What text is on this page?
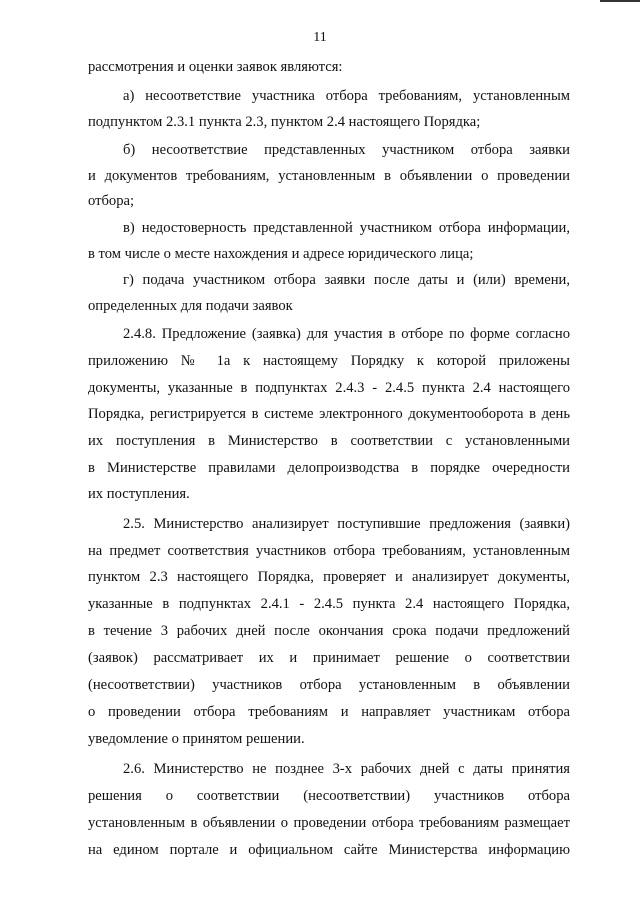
11
рассмотрения и оценки заявок являются:
а) несоответствие участника отбора требованиям, установленным
подпунктом 2.3.1 пункта 2.3, пунктом 2.4 настоящего Порядка;
б) несоответствие представленных участником отбора заявки
и документов требованиям, установленным в объявлении о проведении
отбора;
в) недостоверность представленной участником отбора информации,
в том числе о месте нахождения и адресе юридического лица;
г) подача участником отбора заявки после даты и (или) времени,
определенных для подачи заявок
2.4.8. Предложение (заявка) для участия в отборе по форме согласно
приложению № 1а к настоящему Порядку к которой приложены
документы, указанные в подпунктах 2.4.3 - 2.4.5 пункта 2.4 настоящего
Порядка, регистрируется в системе электронного документооборота в день
их поступления в Министерство в соответствии с установленными
в Министерстве правилами делопроизводства в порядке очередности
их поступления.
2.5. Министерство анализирует поступившие предложения (заявки)
на предмет соответствия участников отбора требованиям, установленным
пунктом 2.3 настоящего Порядка, проверяет и анализирует документы,
указанные в подпунктах 2.4.1 - 2.4.5 пункта 2.4 настоящего Порядка,
в течение 3 рабочих дней после окончания срока подачи предложений
(заявок) рассматривает их и принимает решение о соответствии
(несоответствии) участников отбора установленным в объявлении
о проведении отбора требованиям и направляет участникам отбора
уведомление о принятом решении.
2.6. Министерство не позднее 3-х рабочих дней с даты принятия
решения о соответствии (несоответствии) участников отбора
установленным в объявлении о проведении отбора требованиям размещает
на едином портале и официальном сайте Министерства информацию
